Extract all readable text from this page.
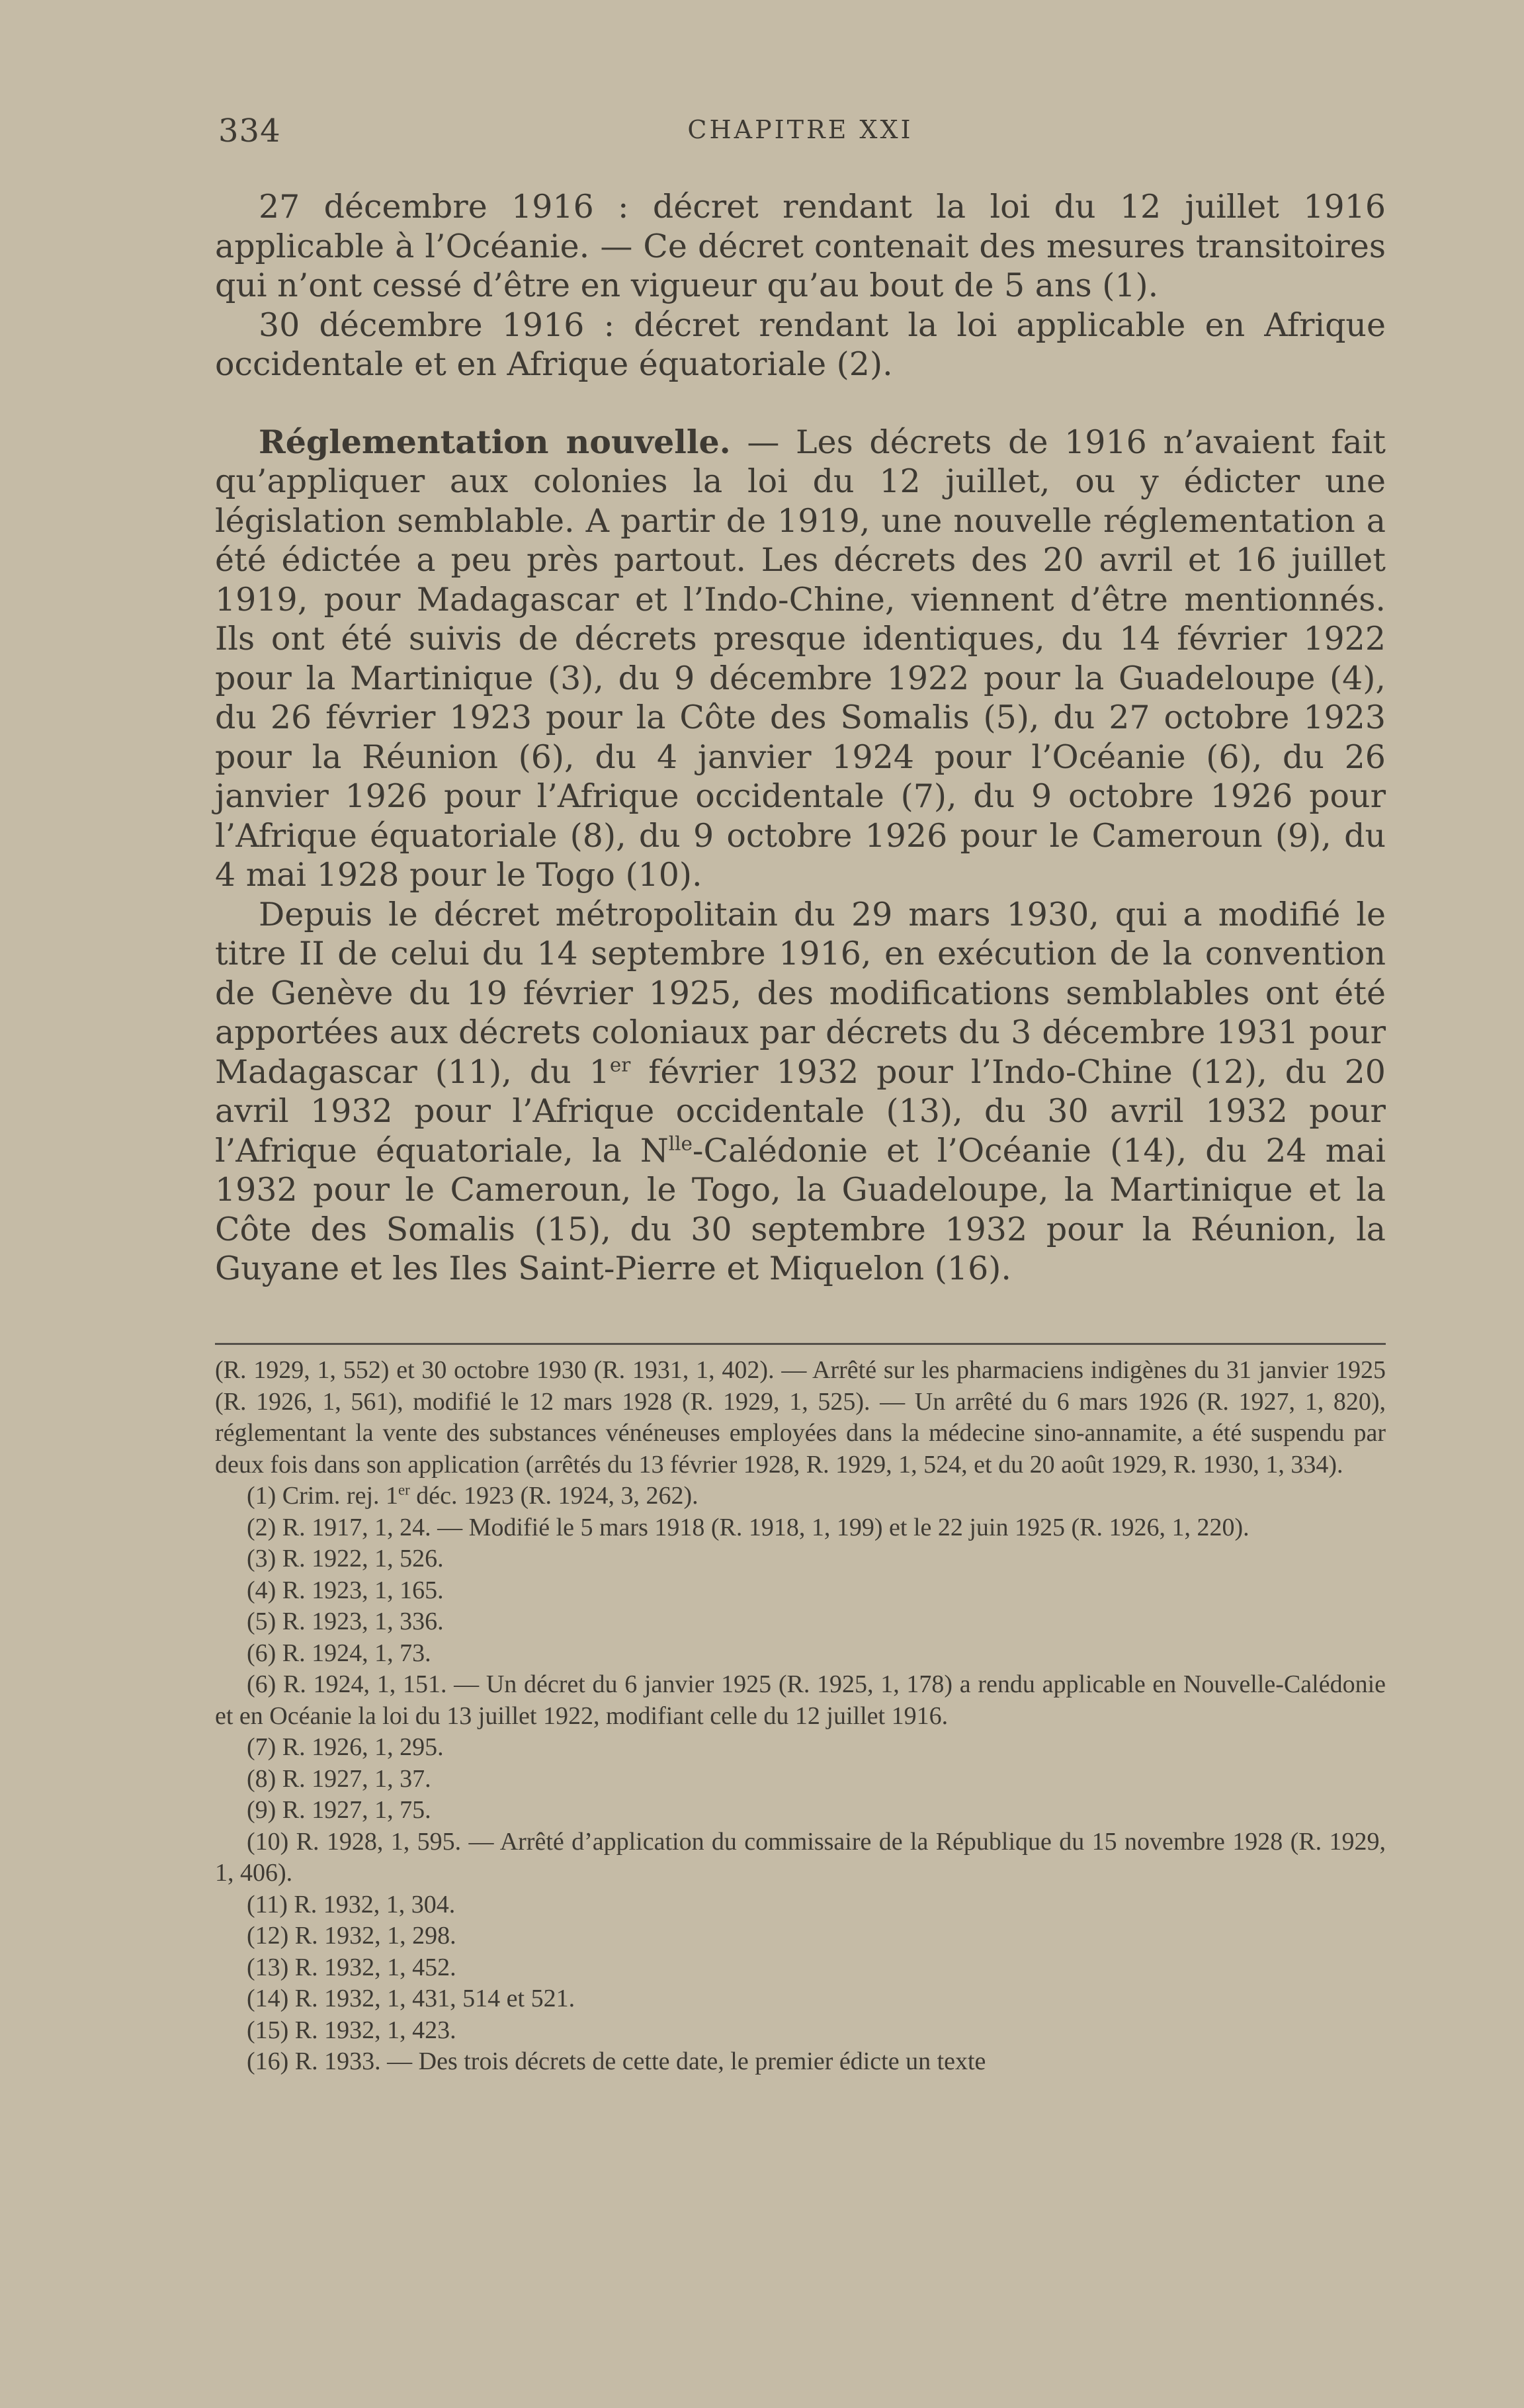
334	CHAPITRE XXI

27 décembre 1916 : décret rendant la loi du 12 juillet 1916 applicable à l’Océanie. — Ce décret contenait des mesures transitoires qui n’ont cessé d’être en vigueur qu’au bout de 5 ans (1).

30 décembre 1916 : décret rendant la loi applicable en Afrique occidentale et en Afrique équatoriale (2).

Réglementation nouvelle. — Les décrets de 1916 n’avaient fait qu’appliquer aux colonies la loi du 12 juillet, ou y édicter une législation semblable. A partir de 1919, une nouvelle réglementation a été édictée a peu près partout. Les décrets des 20 avril et 16 juillet 1919, pour Madagascar et l’Indo-Chine, viennent d’être mentionnés. Ils ont été suivis de décrets presque identiques, du 14 février 1922 pour la Martinique (3), du 9 décembre 1922 pour la Guadeloupe (4), du 26 février 1923 pour la Côte des Somalis (5), du 27 octobre 1923 pour la Réunion (6), du 4 janvier 1924 pour l’Océanie (6), du 26 janvier 1926 pour l’Afrique occidentale (7), du 9 octobre 1926 pour l’Afrique équatoriale (8), du 9 octobre 1926 pour le Cameroun (9), du 4 mai 1928 pour le Togo (10).

Depuis le décret métropolitain du 29 mars 1930, qui a modifié le titre II de celui du 14 septembre 1916, en exécution de la convention de Genève du 19 février 1925, des modifications semblables ont été apportées aux décrets coloniaux par décrets du 3 décembre 1931 pour Madagascar (11), du 1er février 1932 pour l’Indo-Chine (12), du 20 avril 1932 pour l’Afrique occidentale (13), du 30 avril 1932 pour l’Afrique équatoriale, la $N^{lle}$-Calédonie et l’Océanie (14), du 24 mai 1932 pour le Cameroun, le Togo, la Guadeloupe, la Martinique et la Côte des Somalis (15), du 30 septembre 1932 pour la Réunion, la Guyane et les Iles Saint-Pierre et Miquelon (16).

(R. 1929, 1, 552) et 30 octobre 1930 (R. 1931, 1, 402). — Arrêté sur les pharmaciens indigènes du 31 janvier 1925 (R. 1926, 1, 561), modifié le 12 mars 1928 (R. 1929, 1, 525). — Un arrêté du 6 mars 1926 (R. 1927, 1, 820), réglementant la vente des substances vénéneuses employées dans la médecine sino-annamite, a été suspendu par deux fois dans son application (arrêtés du 13 février 1928, R. 1929, 1, 524, et du 20 août 1929, R. 1930, 1, 334).

(1) Crim. rej. 1er déc. 1923 (R. 1924, 3, 262).

(2) R. 1917, 1, 24. — Modifié le 5 mars 1918 (R. 1918, 1, 199) et le 22 juin 1925 (R. 1926, 1, 220).

(3) R. 1922, 1, 526.

(4) R. 1923, 1, 165.

(5) R. 1923, 1, 336.

(6) R. 1924, 1, 73.

(6) R. 1924, 1, 151. — Un décret du 6 janvier 1925 (R. 1925, 1, 178) a rendu applicable en Nouvelle-Calédonie et en Océanie la loi du 13 juillet 1922, modifiant celle du 12 juillet 1916.

(7) R. 1926, 1, 295.

(8) R. 1927, 1, 37.

(9) R. 1927, 1, 75.

(10) R. 1928, 1, 595. — Arrêté d’application du commissaire de la République du 15 novembre 1928 (R. 1929, 1, 406).

(11) R. 1932, 1, 304.

(12) R. 1932, 1, 298.

(13) R. 1932, 1, 452.

(14) R. 1932, 1, 431, 514 et 521.

(15) R. 1932, 1, 423.

(16) R. 1933. — Des trois décrets de cette date, le premier édicte un texte
